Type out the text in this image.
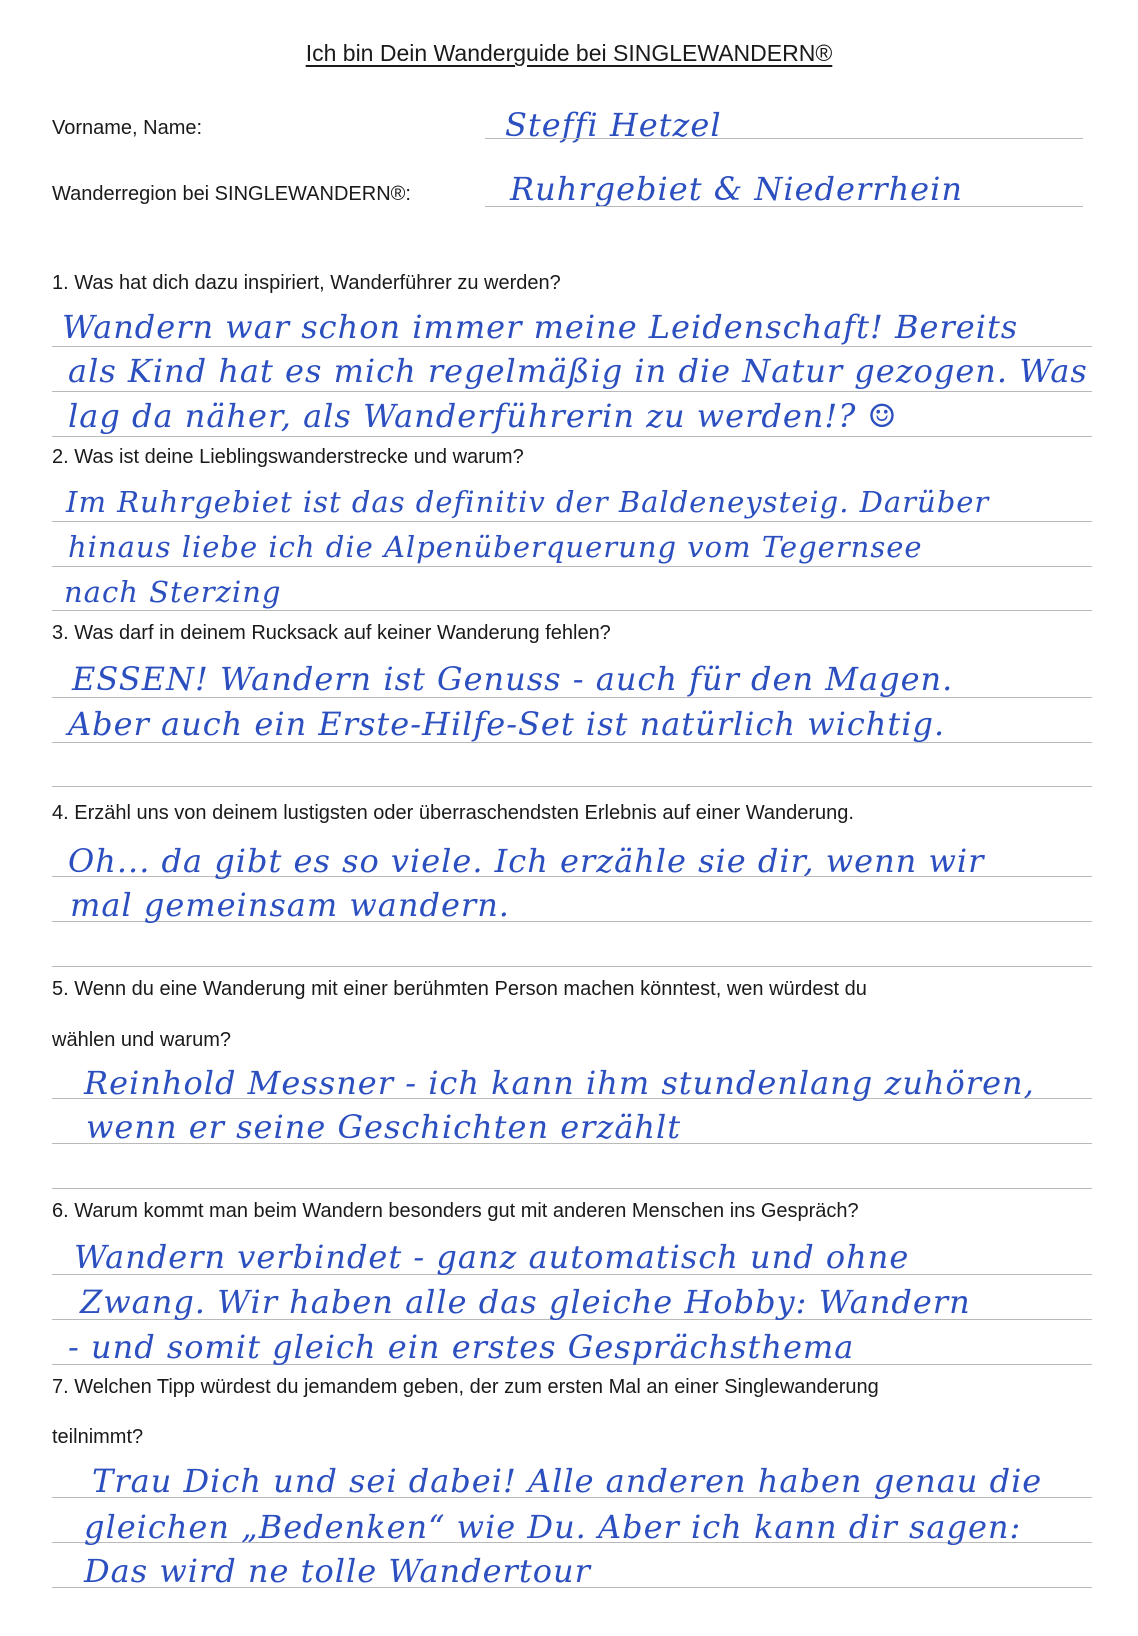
Ich bin Dein Wanderguide bei SINGLEWANDERN®
Vorname, Name:	Steffi Hetzel
Wanderregion bei SINGLEWANDERN®:	Ruhrgebiet & Niederrhein
1. Was hat dich dazu inspiriert, Wanderführer zu werden?
Wandern war schon immer meine Leidenschaft! Bereits
als Kind hat es mich regelmäßig in die Natur gezogen. Was
lag da näher, als Wanderführerin zu werden!? ☺
2. Was ist deine Lieblingswanderstrecke und warum?
Im Ruhrgebiet ist das definitiv der Baldeneysteig. Darüber
hinaus liebe ich die Alpenüberquerung vom Tegernsee
nach Sterzing
3. Was darf in deinem Rucksack auf keiner Wanderung fehlen?
ESSEN! Wandern ist Genuss - auch für den Magen.
Aber auch ein Erste-Hilfe-Set ist natürlich wichtig.
4. Erzähl uns von deinem lustigsten oder überraschendsten Erlebnis auf einer Wanderung.
Oh... da gibt es so viele. Ich erzähle sie dir, wenn wir
mal gemeinsam wandern.
5. Wenn du eine Wanderung mit einer berühmten Person machen könntest, wen würdest du
wählen und warum?
Reinhold Messner - ich kann ihm stundenlang zuhören,
wenn er seine Geschichten erzählt
6. Warum kommt man beim Wandern besonders gut mit anderen Menschen ins Gespräch?
Wandern verbindet - ganz automatisch und ohne
Zwang. Wir haben alle das gleiche Hobby: Wandern
- und somit gleich ein erstes Gesprächsthema
7. Welchen Tipp würdest du jemandem geben, der zum ersten Mal an einer Singlewanderung
teilnimmt?
Trau Dich und sei dabei! Alle anderen haben genau die
gleichen „Bedenken“ wie Du. Aber ich kann dir sagen:
Das wird ne tolle Wandertour
